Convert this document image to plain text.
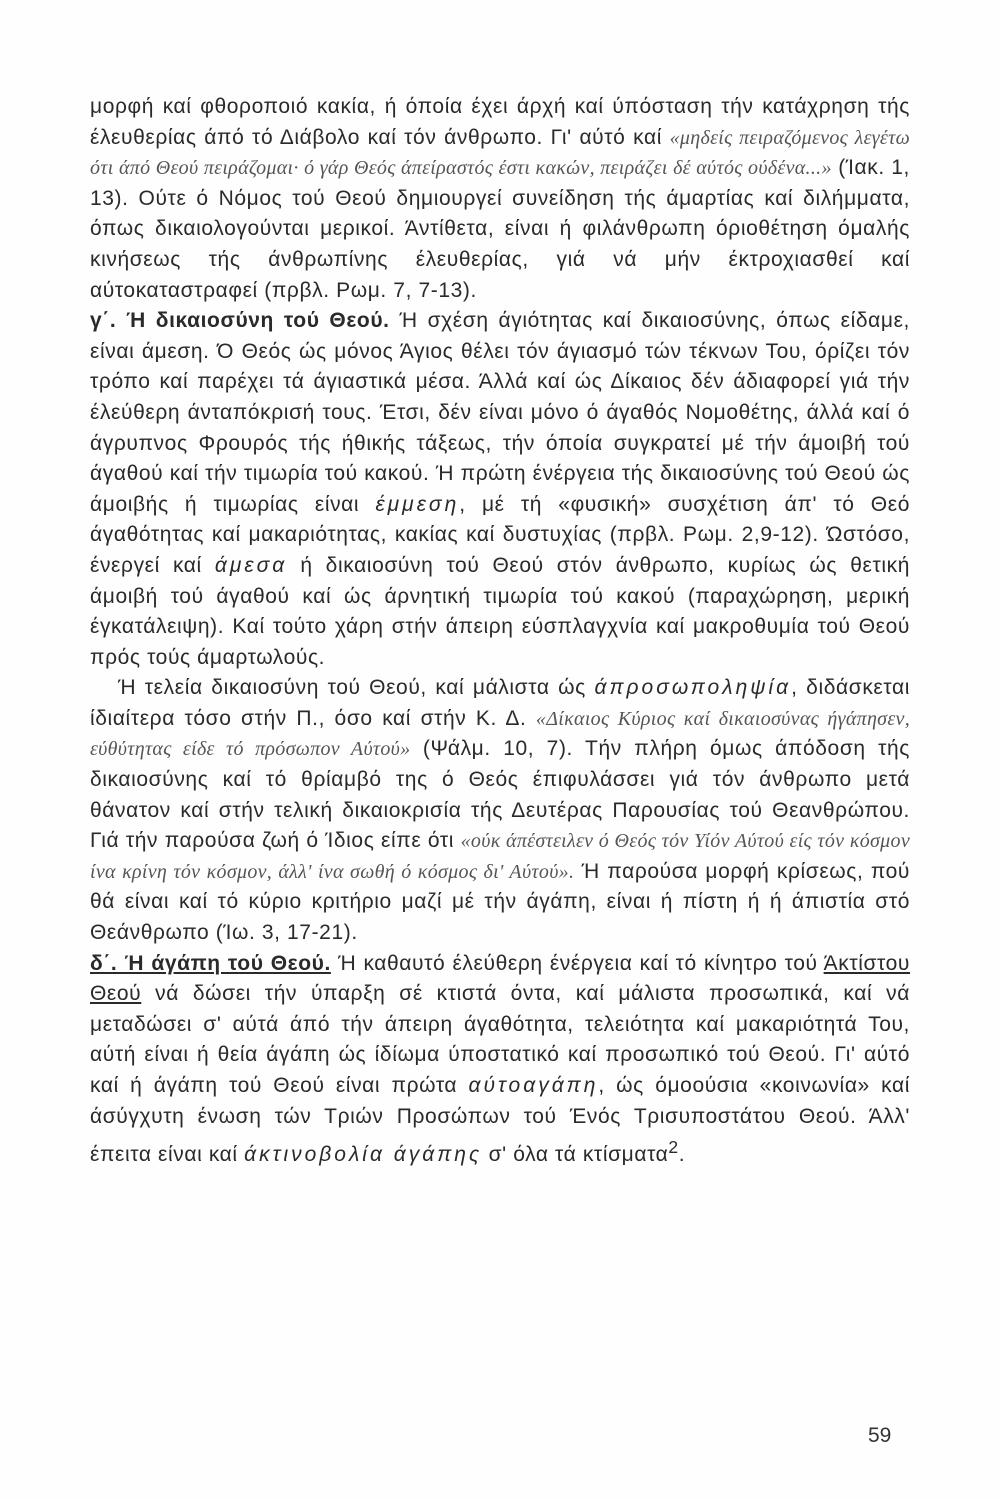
μορφή καί φθοροποιό κακία, ή όποία έχει άρχή καί ύπόσταση τήν κατάχρηση τής έλευθερίας άπό τό Διάβολο καί τόν άνθρωπο. Γι' αύτό καί «μηδείς πειραζόμενος λεγέτω ότι άπό Θεού πειράζομαι· ό γάρ Θεός άπείραστός έστι κακών, πειράζει δέ αύτός ούδένα...» (Ίακ. 1, 13). Ούτε ό Νόμος τού Θεού δημιουργεί συνείδηση τής άμαρτίας καί διλήμματα, όπως δικαιολογούνται μερικοί. Άντίθετα, είναι ή φιλάνθρωπη όριοθέτηση όμαλής κινήσεως τής άνθρωπίνης έλευθερίας, γιά νά μήν έκτροχιασθεί καί αύτοκαταστραφεί (πρβλ. Ρωμ. 7, 7-13).

γ΄. Ή δικαιοσύνη τού Θεού. Ή σχέση άγιότητας καί δικαιοσύνης, όπως είδαμε, είναι άμεση. Ό Θεός ώς μόνος Άγιος θέλει τόν άγιασμό τών τέκνων Του, όρίζει τόν τρόπο καί παρέχει τά άγιαστικά μέσα. Άλλά καί ώς Δίκαιος δέν άδιαφορεί γιά τήν έλεύθερη άνταπόκρισή τους. Έτσι, δέν είναι μόνο ό άγαθός Νομοθέτης, άλλά καί ό άγρυπνος Φρουρός τής ήθικής τάξεως, τήν όποία συγκρατεί μέ τήν άμοιβή τού άγαθού καί τήν τιμωρία τού κακού. Ή πρώτη ένέργεια τής δικαιοσύνης τού Θεού ώς άμοιβής ή τιμωρίας είναι έμμεση, μέ τή «φυσική» συσχέτιση άπ' τό Θεό άγαθότητας καί μακαριότητας, κακίας καί δυστυχίας (πρβλ. Ρωμ. 2,9-12). Ώστόσο, ένεργεί καί άμεσα ή δικαιοσύνη τού Θεού στόν άνθρωπο, κυρίως ώς θετική άμοιβή τού άγαθού καί ώς άρνητική τιμωρία τού κακού (παραχώρηση, μερική έγκατάλειψη). Καί τούτο χάρη στήν άπειρη εύσπλαγχνία καί μακροθυμία τού Θεού πρός τούς άμαρτωλούς.

Ή τελεία δικαιοσύνη τού Θεού, καί μάλιστα ώς άπροσωποληψία, διδάσκεται ίδιαίτερα τόσο στήν Π., όσο καί στήν Κ. Δ. «Δίκαιος Κύριος καί δικαιοσύνας ήγάπησεν, εύθύτητας είδε τό πρόσωπον Αύτού» (Ψάλμ. 10, 7). Τήν πλήρη όμως άπόδοση τής δικαιοσύνης καί τό θρίαμβό της ό Θεός έπιφυλάσσει γιά τόν άνθρωπο μετά θάνατον καί στήν τελική δικαιοκρισία τής Δευτέρας Παρουσίας τού Θεανθρώπου. Γιά τήν παρούσα ζωή ό Ίδιος είπε ότι «ούκ άπέστειλεν ό Θεός τόν Υίόν Αύτού είς τόν κόσμον ίνα κρίνη τόν κόσμον, άλλ' ίνα σωθή ό κόσμος δι' Αύτού». Ή παρούσα μορφή κρίσεως, πού θά είναι καί τό κύριο κριτήριο μαζί μέ τήν άγάπη, είναι ή πίστη ή ή άπιστία στό Θεάνθρωπο (Ίω. 3, 17-21).

δ΄. Ή άγάπη τού Θεού. Ή καθαυτό έλεύθερη ένέργεια καί τό κίνητρο τού Άκτίστου Θεού νά δώσει τήν ύπαρξη σέ κτιστά όντα, καί μάλιστα προσωπικά, καί νά μεταδώσει σ' αύτά άπό τήν άπειρη άγαθότητα, τελειότητα καί μακαριότητά Του, αύτή είναι ή θεία άγάπη ώς ίδίωμα ύποστατικό καί προσωπικό τού Θεού. Γι' αύτό καί ή άγάπη τού Θεού είναι πρώτα αύτοαγάπη, ώς όμοούσια «κοινωνία» καί άσύγχυτη ένωση τών Τριών Προσώπων τού Ένός Τρισυποστάτου Θεού. Άλλ' έπειτα είναι καί άκτινοβολία άγάπης σ' όλα τά κτίσματα$^2$.

59
